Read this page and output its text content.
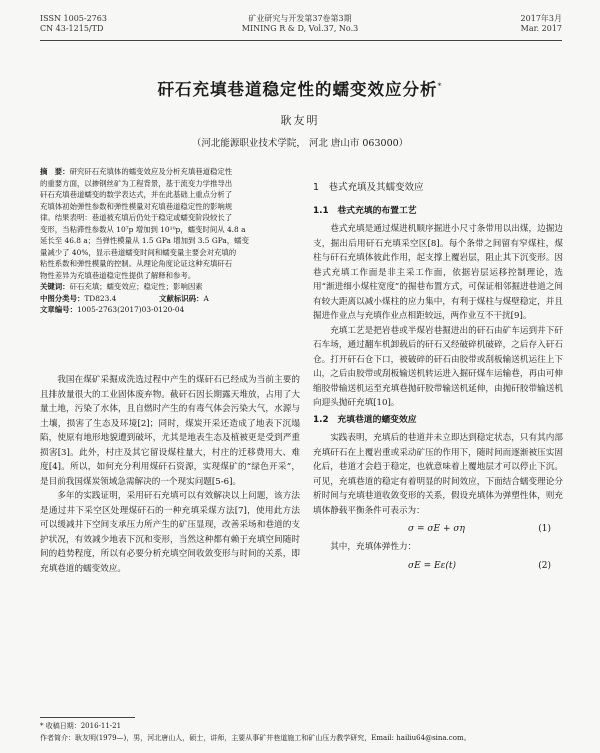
ISSN 1005-2763
CN 43-1215/TD
矿业研究与开发第37卷第3期
MINING R & D, Vol.37, No.3
2017年3月
Mar. 2017
矸石充填巷道稳定性的蠕变效应分析*
耿友明
（河北能源职业技术学院， 河北 唐山市 063000）
摘　要：研究矸石充填体的蠕变效应及分析充填巷道稳定性
的重要方面，以掺钢丝矿为工程背景，基于流变力学推导出
矸石充填巷道蠕变的数学表达式，并在此基础上重点分析了
充填体初始弹性参数和弹性模量对充填巷道稳定性的影响规
律。结果表明：巷道被充填后仍处于稳定或蠕变阶段较长了
变形，当粘滞性参数从 10⁷p 增加到 10¹⁰p，蠕变时间从 4.8 a
延长至 46.8 a；当弹性模量从 1.5 GPa 增加到 3.5 GPa，蠕变
量减少了 40%，显示巷道蠕变时间和蠕变量主要会对充填的
粘性系数和弹性模量的控制。从理论角度论证这种充填矸石
物性差异为充填巷道稳定性提供了解释和参考。
关键词：矸石充填；蠕变效应；稳定性；影响因素
中图分类号：TD823.4	文献标识码：A
文章编号：1005-2763(2017)03-0120-04

我国在煤矿采掘成洗选过程中产生的煤矸石已经成为当前主要的且排放量很大的工业固体废弃物。截矸石因长期露天堆放，占用了大量土地，污染了水体，且自燃时产生的有毒气体会污染大气，水源与土壤，损害了生态及环境[2]；同时，煤炭开采还造成了地表下沉塌陷，使原有地形地貌遭到破坏，尤其是地表生态及植被更是受到严重损害[3]。此外，村庄及其它留设煤柱量大，村庄的迁移费用大、难度[4]。所以，如何充分利用煤矸石资源，实现煤矿的“绿色开采”，是目前我国煤炭领域急需解决的一个现实问题[5-6]。

多年的实践证明，采用矸石充填可以有效解决以上问题，该方法是通过井下采空区处理煤矸石的一种充填采煤方法[7]，使用此方法可以缓减井下空间支承压力所产生的矿压显现，改善采场和巷道的支护状况，有效减少地表下沉和变形，当然这种都有赖于充填空间随时间的趋势程度，所以有必要分析充填空间收敛变形与时间的关系，即充填巷道的蠕变效应。

1　巷式充填及其蠕变效应
1.1　巷式充填的布置工艺

巷式充填是通过煤进机顺序掘进小尺寸条带用以出煤，边掘边支，掘出后用矸石充填采空区[8]。每个条带之间留有窄煤柱，煤柱与矸石充填体彼此作用，起支撑上覆岩层，阻止其下沉变形。因巷式充填工作面是非主采工作面，依据岩层运移控制理论，选用“渐进细小煤柱宽度”的掘巷布置方式，可保证相邻掘进巷道之间有较大距离以减小煤柱的应力集中，有利于煤柱与煤壁稳定，并且掘进作业点与充填作业点相距较远，两作业互不干扰[9]。

充填工艺是把岩巷或半煤岩巷掘进出的矸石由矿车运到井下矸石车场，通过翻车机卸载后的矸石又经破碎机破碎，之后存入矸石仓。打开矸石仓下口，被破碎的矸石由胶带或刮板输送机运往上下山，之后由胶带或刮板输送机转运进入掘矸煤车运输巷，再由可伸缩胶带输送机运至充填巷抛矸胶带输送机延伸，由抛矸胶带输送机向迎头抛矸充填[10]。

1.2　充填巷道的蠕变效应

实践表明，充填后的巷道并未立即达到稳定状态，只有其内部充填矸石在上覆岩重或采动矿压的作用下，随时间而逐渐被压实固化后，巷道才会趋于稳定，也就意味着上覆地层才可以停止下沉。可见，充填巷道的稳定有着明显的时间效应，下面结合蠕变理论分析时间与充填巷道收敛变形的关系，假设充填体为弹塑性体，则充填体静载平衡条件可表示为：

σ = σE + ση	(1)

其中，充填体弹性力：

σE = Eε(t)	(2)
* 收稿日期：2016-11-21
作者简介：耿友明(1979—)，男，河北唐山人，硕士，讲师，主要从事矿井巷道施工和矿山压力教学研究，Email: hailiu64@sina.com。
